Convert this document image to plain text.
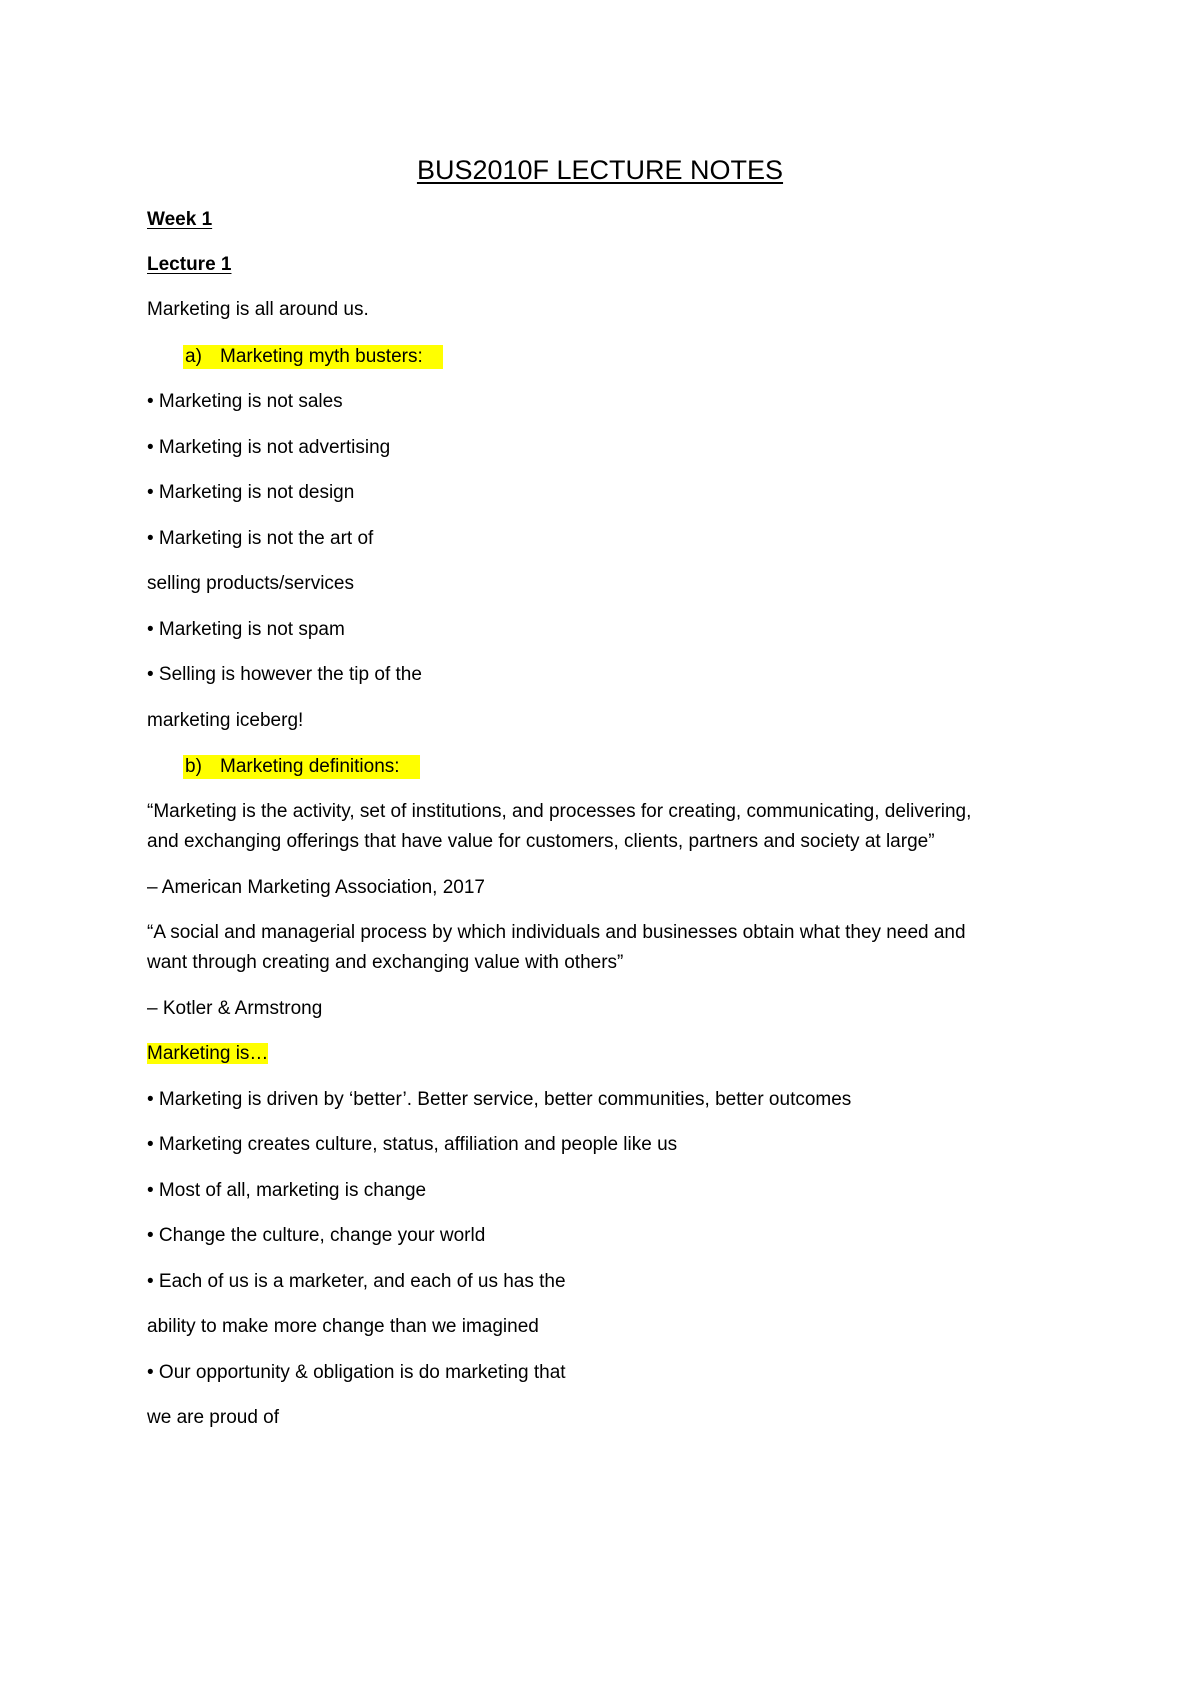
BUS2010F LECTURE NOTES
Week 1
Lecture 1
Marketing is all around us.
a) Marketing myth busters:
• Marketing is not sales
• Marketing is not advertising
• Marketing is not design
• Marketing is not the art of
selling products/services
• Marketing is not spam
• Selling is however the tip of the
marketing iceberg!
b) Marketing definitions:
“Marketing is the activity, set of institutions, and processes for creating, communicating, delivering,
and exchanging offerings that have value for customers, clients, partners and society at large”
– American Marketing Association, 2017
“A social and managerial process by which individuals and businesses obtain what they need and
want through creating and exchanging value with others”
– Kotler & Armstrong
Marketing is…
• Marketing is driven by ‘better’. Better service, better communities, better outcomes
• Marketing creates culture, status, affiliation and people like us
• Most of all, marketing is change
• Change the culture, change your world
• Each of us is a marketer, and each of us has the
ability to make more change than we imagined
• Our opportunity & obligation is do marketing that
we are proud of
